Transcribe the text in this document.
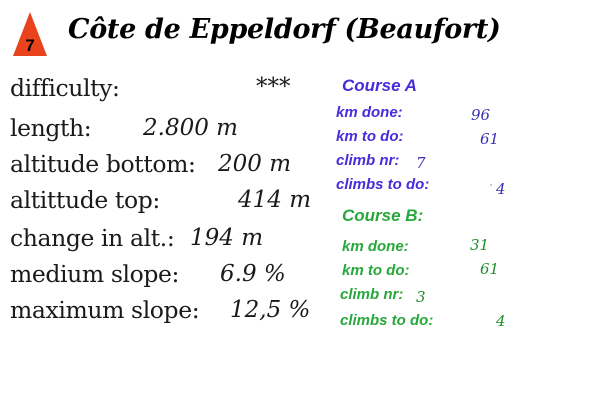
7
Côte de Eppeldorf (Beaufort)
difficulty:	***
length: 2.800 m
altitude bottom: 200 m
altittude top:	414 m
change in alt.: 194 m
medium slope: 6.9 %
maximum slope: 12,5 %
Course A
km done:	96
km to do:	61
climb nr: 7
climbs to do:	4
Course B:
km done:	31
km to do:	61
climb nr: 3
climbs to do:	4
